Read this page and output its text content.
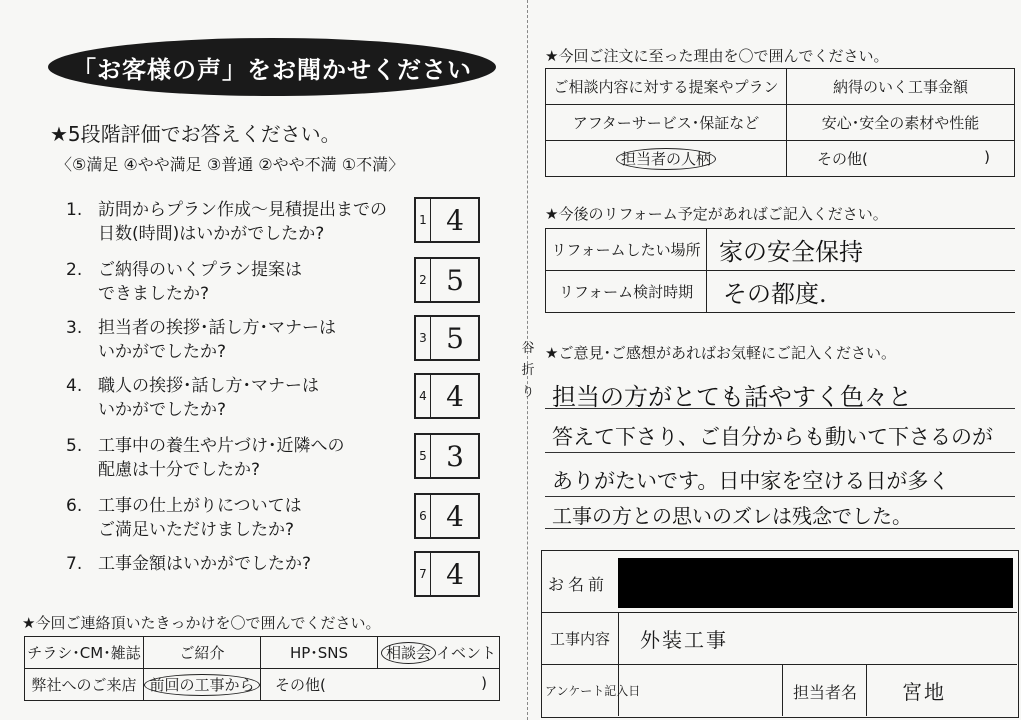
谷
折
り
「お客様の声」をお聞かせください
★5段階評価でお答えください。
〈⑤満足 ④やや満足 ③普通 ②やや不満 ①不満〉
1. 訪問からプラン作成～見積提出までの
日数(時間)はいかがでしたか?
1 4
2. ご納得のいくプラン提案は
できましたか?
2 5
3. 担当者の挨拶･話し方･マナーは
いかがでしたか?
3 5
4. 職人の挨拶･話し方･マナーは
いかがでしたか?
4 4
5. 工事中の養生や片づけ･近隣への
配慮は十分でしたか?
5 3
6. 工事の仕上がりについては
ご満足いただけましたか?
6 4
7. 工事金額はいかがでしたか?	7 4
★今回ご連絡頂いたきっかけを〇で囲んでください。
チラシ･CM･雑誌	ご紹介	HP･SNS	相談会 イベント
弊社へのご来店	前回の工事から	その他( )	
★今回ご注文に至った理由を〇で囲んでください。
ご相談内容に対する提案やプラン	納得のいく工事金額
アフターサービス･保証など	安心･安全の素材や性能
担当者の人柄	その他( )
★今後のリフォーム予定があればご記入ください。
リフォームしたい場所	家の安全保持
リフォーム検討時期	その都度.
★ご意見･ご感想があればお気軽にご記入ください。
担当の方がとても話やすく色々と
答えて下さり、ご自分からも動いて下さるのが
ありがたいです。日中家を空ける日が多く
工事の方との思いのズレは残念でした。
お名前
工事内容 外装工事
アンケート記入日	担当者名 宮地
